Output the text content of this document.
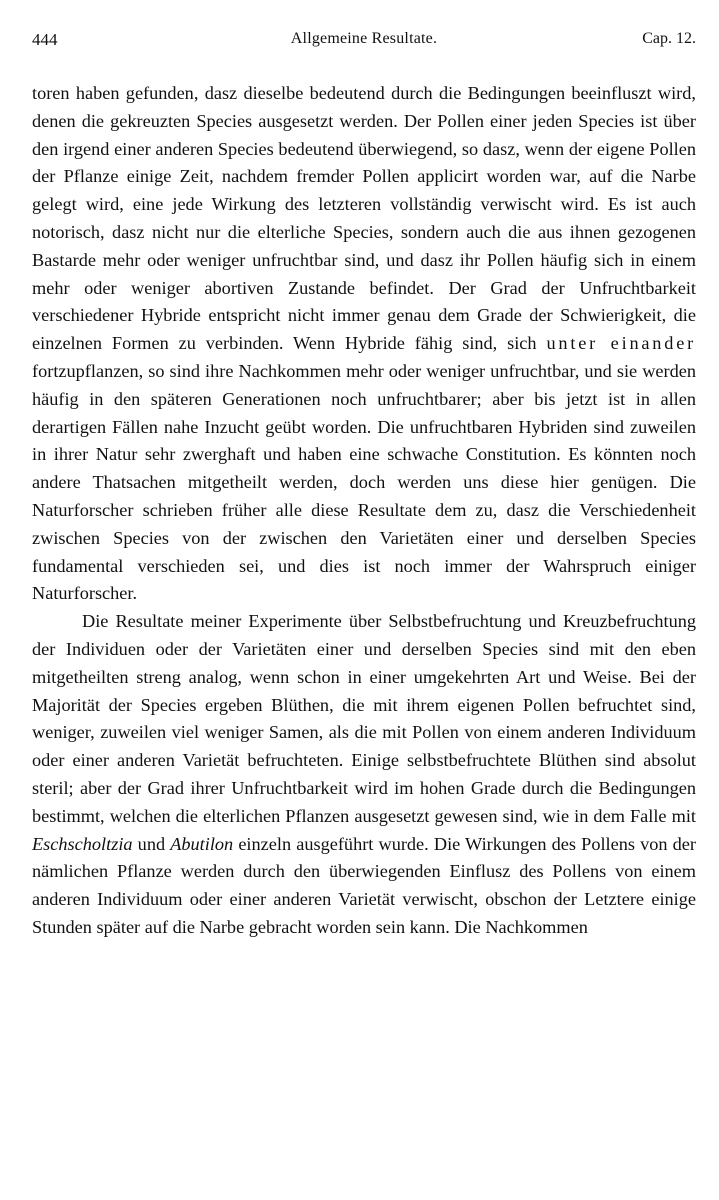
444	Allgemeine Resultate.	Cap. 12.

toren haben gefunden, dasz dieselbe bedeutend durch die Bedingungen beeinfluszt wird, denen die gekreuzten Species ausgesetzt werden. Der Pollen einer jeden Species ist über den irgend einer anderen Species bedeutend überwiegend, so dasz, wenn der eigene Pollen der Pflanze einige Zeit, nachdem fremder Pollen applicirt worden war, auf die Narbe gelegt wird, eine jede Wirkung des letzteren vollständig verwischt wird. Es ist auch notorisch, dasz nicht nur die elterliche Species, sondern auch die aus ihnen gezogenen Bastarde mehr oder weniger unfruchtbar sind, und dasz ihr Pollen häufig sich in einem mehr oder weniger abortiven Zustande befindet. Der Grad der Unfruchtbarkeit verschiedener Hybride entspricht nicht immer genau dem Grade der Schwierigkeit, die einzelnen Formen zu verbinden. Wenn Hybride fähig sind, sich unter einander fortzupflanzen, so sind ihre Nachkommen mehr oder weniger unfruchtbar, und sie werden häufig in den späteren Generationen noch unfruchtbarer; aber bis jetzt ist in allen derartigen Fällen nahe Inzucht geübt worden. Die unfruchtbaren Hybriden sind zuweilen in ihrer Natur sehr zwerghaft und haben eine schwache Constitution. Es könnten noch andere Thatsachen mitgetheilt werden, doch werden uns diese hier genügen. Die Naturforscher schrieben früher alle diese Resultate dem zu, dasz die Verschiedenheit zwischen Species von der zwischen den Varietäten einer und derselben Species fundamental verschieden sei, und dies ist noch immer der Wahrspruch einiger Naturforscher.

Die Resultate meiner Experimente über Selbstbefruchtung und Kreuzbefruchtung der Individuen oder der Varietäten einer und derselben Species sind mit den eben mitgetheilten streng analog, wenn schon in einer umgekehrten Art und Weise. Bei der Majorität der Species ergeben Blüthen, die mit ihrem eigenen Pollen befruchtet sind, weniger, zuweilen viel weniger Samen, als die mit Pollen von einem anderen Individuum oder einer anderen Varietät befruchteten. Einige selbstbefruchtete Blüthen sind absolut steril; aber der Grad ihrer Unfruchtbarkeit wird im hohen Grade durch die Bedingungen bestimmt, welchen die elterlichen Pflanzen ausgesetzt gewesen sind, wie in dem Falle mit Eschscholtzia und Abutilon einzeln ausgeführt wurde. Die Wirkungen des Pollens von der nämlichen Pflanze werden durch den überwiegenden Einflusz des Pollens von einem anderen Individuum oder einer anderen Varietät verwischt, obschon der Letztere einige Stunden später auf die Narbe gebracht worden sein kann. Die Nachkommen
